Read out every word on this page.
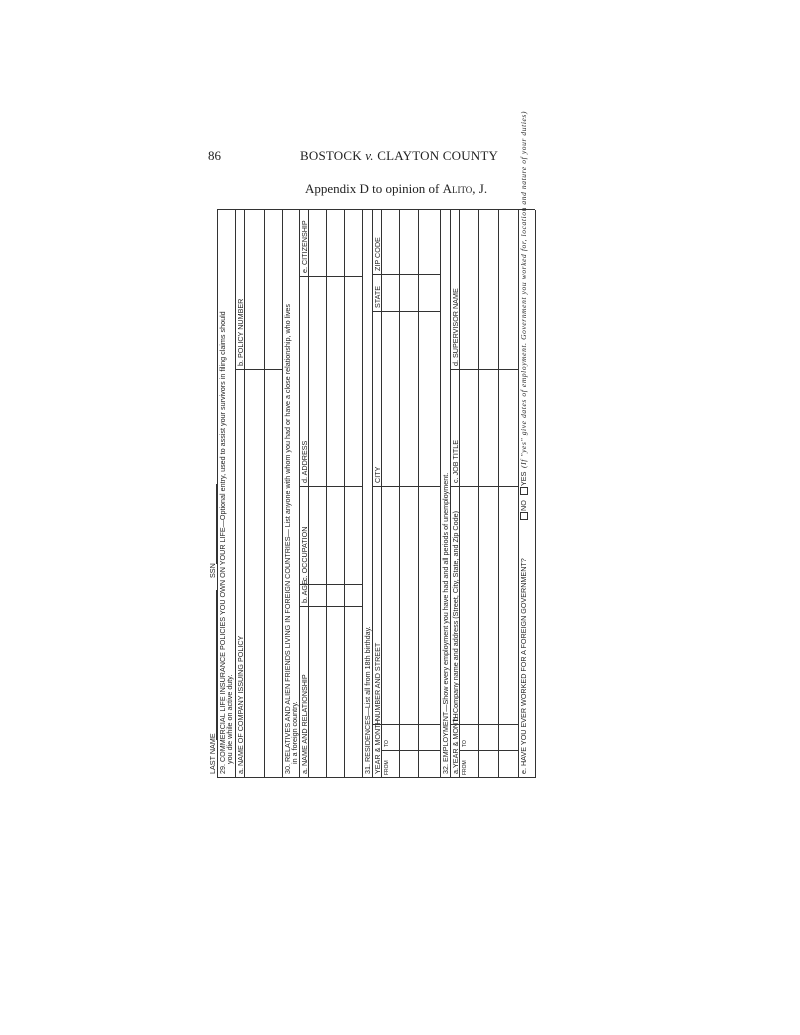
86	BOSTOCK v. CLAYTON COUNTY
Appendix D to opinion of Alito, J.
LAST NAME
SSN 29. COMMERCIAL LIFE INSURANCE POLICIES YOU OWN ON YOUR LIFE—Optional entry, used to assist your survivors in filing claims should
you die while on active duty. a. NAME OF COMPANY ISSUING POLICY
b. POLICY NUMBER	30. RELATIVES AND ALIEN FRIENDS LIVING IN FOREIGN COUNTRIES— List anyone with whom you had or have a close relationship, who lives
in a foreign country. a. NAME AND RELATIONSHIP
b. AGE
c. OCCUPATION
d. ADDRESS
e. CITIZENSHIP
31. RESIDENCES—List all from 18th birthday. YEAR & MONTH FROM
TO
NUMBER AND STREET
CITY
STATE
ZIP CODE
32. EMPLOYMENT—Show every employment you have had and all periods of unemployment. a.YEAR & MONTH FROM
TO
b. Company name and address (Street, City, State, and Zip Code)
c. JOB TITLE
d. SUPERVISOR NAME
e. HAVE YOU EVER WORKED FOR A FOREIGN GOVERNMENT?
NO
YES
(If "yes" give dates of employment. Government you worked for, location and nature of your duties)
